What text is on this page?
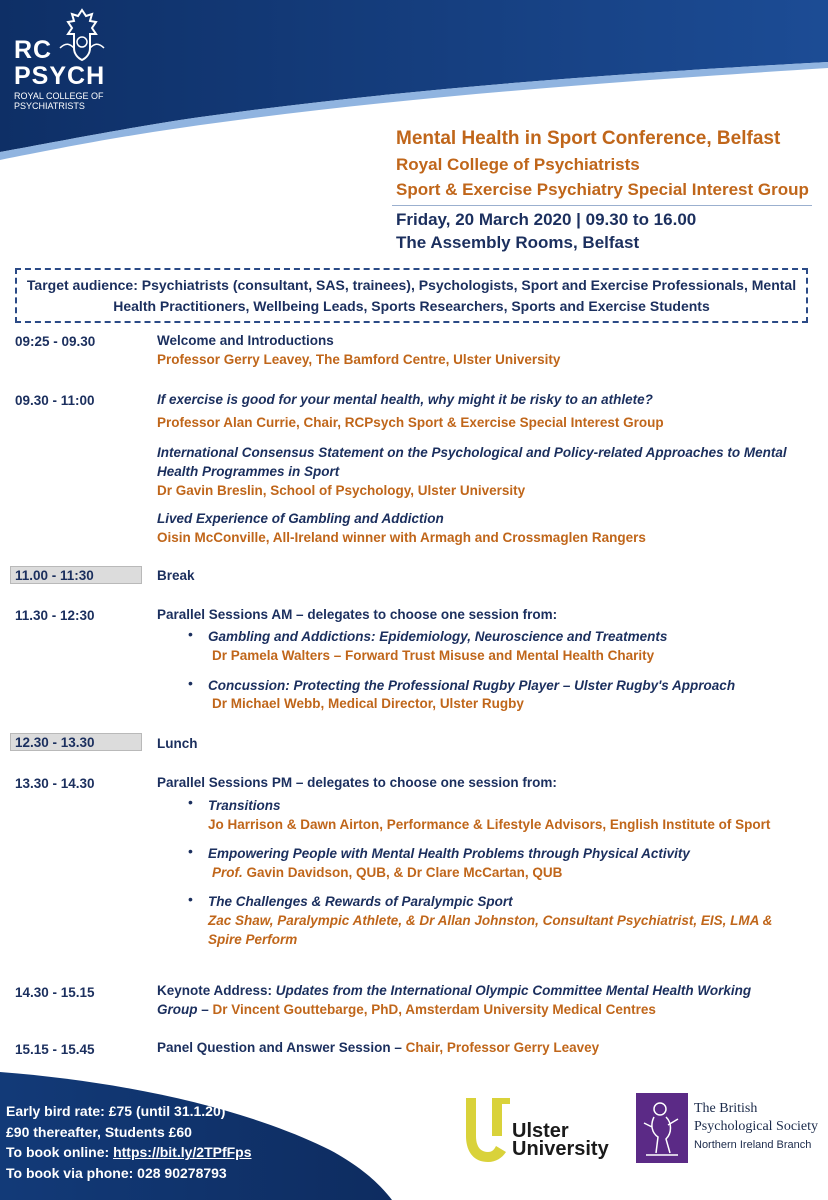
RC
PSYCH
ROYAL COLLEGE OF
PSYCHIATRISTS
Mental Health in Sport Conference, Belfast
Royal College of Psychiatrists
Sport & Exercise Psychiatry Special Interest Group
Friday, 20 March 2020 | 09.30 to 16.00
The Assembly Rooms, Belfast
Target audience: Psychiatrists (consultant, SAS, trainees), Psychologists, Sport and Exercise Professionals, Mental
Health Practitioners, Wellbeing Leads, Sports Researchers, Sports and Exercise Students
09:25 - 09.30	Welcome and Introductions
Professor Gerry Leavey, The Bamford Centre, Ulster University
09.30 - 11:00	If exercise is good for your mental health, why might it be risky to an athlete?
Professor Alan Currie, Chair, RCPsych Sport & Exercise Special Interest Group
International Consensus Statement on the Psychological and Policy-related Approaches to Mental
Health Programmes in Sport
Dr Gavin Breslin, School of Psychology, Ulster University
Lived Experience of Gambling and Addiction
Oisin McConville, All-Ireland winner with Armagh and Crossmaglen Rangers
11.00 - 11:30	Break
11.30 - 12:30	Parallel Sessions AM – delegates to choose one session from:
• Gambling and Addictions: Epidemiology, Neuroscience and Treatments
Dr Pamela Walters – Forward Trust Misuse and Mental Health Charity
• Concussion: Protecting the Professional Rugby Player – Ulster Rugby's Approach
Dr Michael Webb, Medical Director, Ulster Rugby
12.30 - 13.30	Lunch
13.30 - 14.30	Parallel Sessions PM – delegates to choose one session from:
• Transitions
Jo Harrison & Dawn Airton, Performance & Lifestyle Advisors, English Institute of Sport
• Empowering People with Mental Health Problems through Physical Activity
Prof. Gavin Davidson, QUB, & Dr Clare McCartan, QUB
• The Challenges & Rewards of Paralympic Sport
Zac Shaw, Paralympic Athlete, & Dr Allan Johnston, Consultant Psychiatrist, EIS, LMA &
Spire Perform
14.30 - 15.15	Keynote Address: Updates from the International Olympic Committee Mental Health Working
Group – Dr Vincent Gouttebarge, PhD, Amsterdam University Medical Centres
15.15 - 15.45	Panel Question and Answer Session – Chair, Professor Gerry Leavey
Early bird rate: £75 (until 31.1.20)
£90 thereafter, Students £60
To book online: https://bit.ly/2TPfFps
To book via phone: 028 90278793
Ulster
University
The British
Psychological Society
Northern Ireland Branch
